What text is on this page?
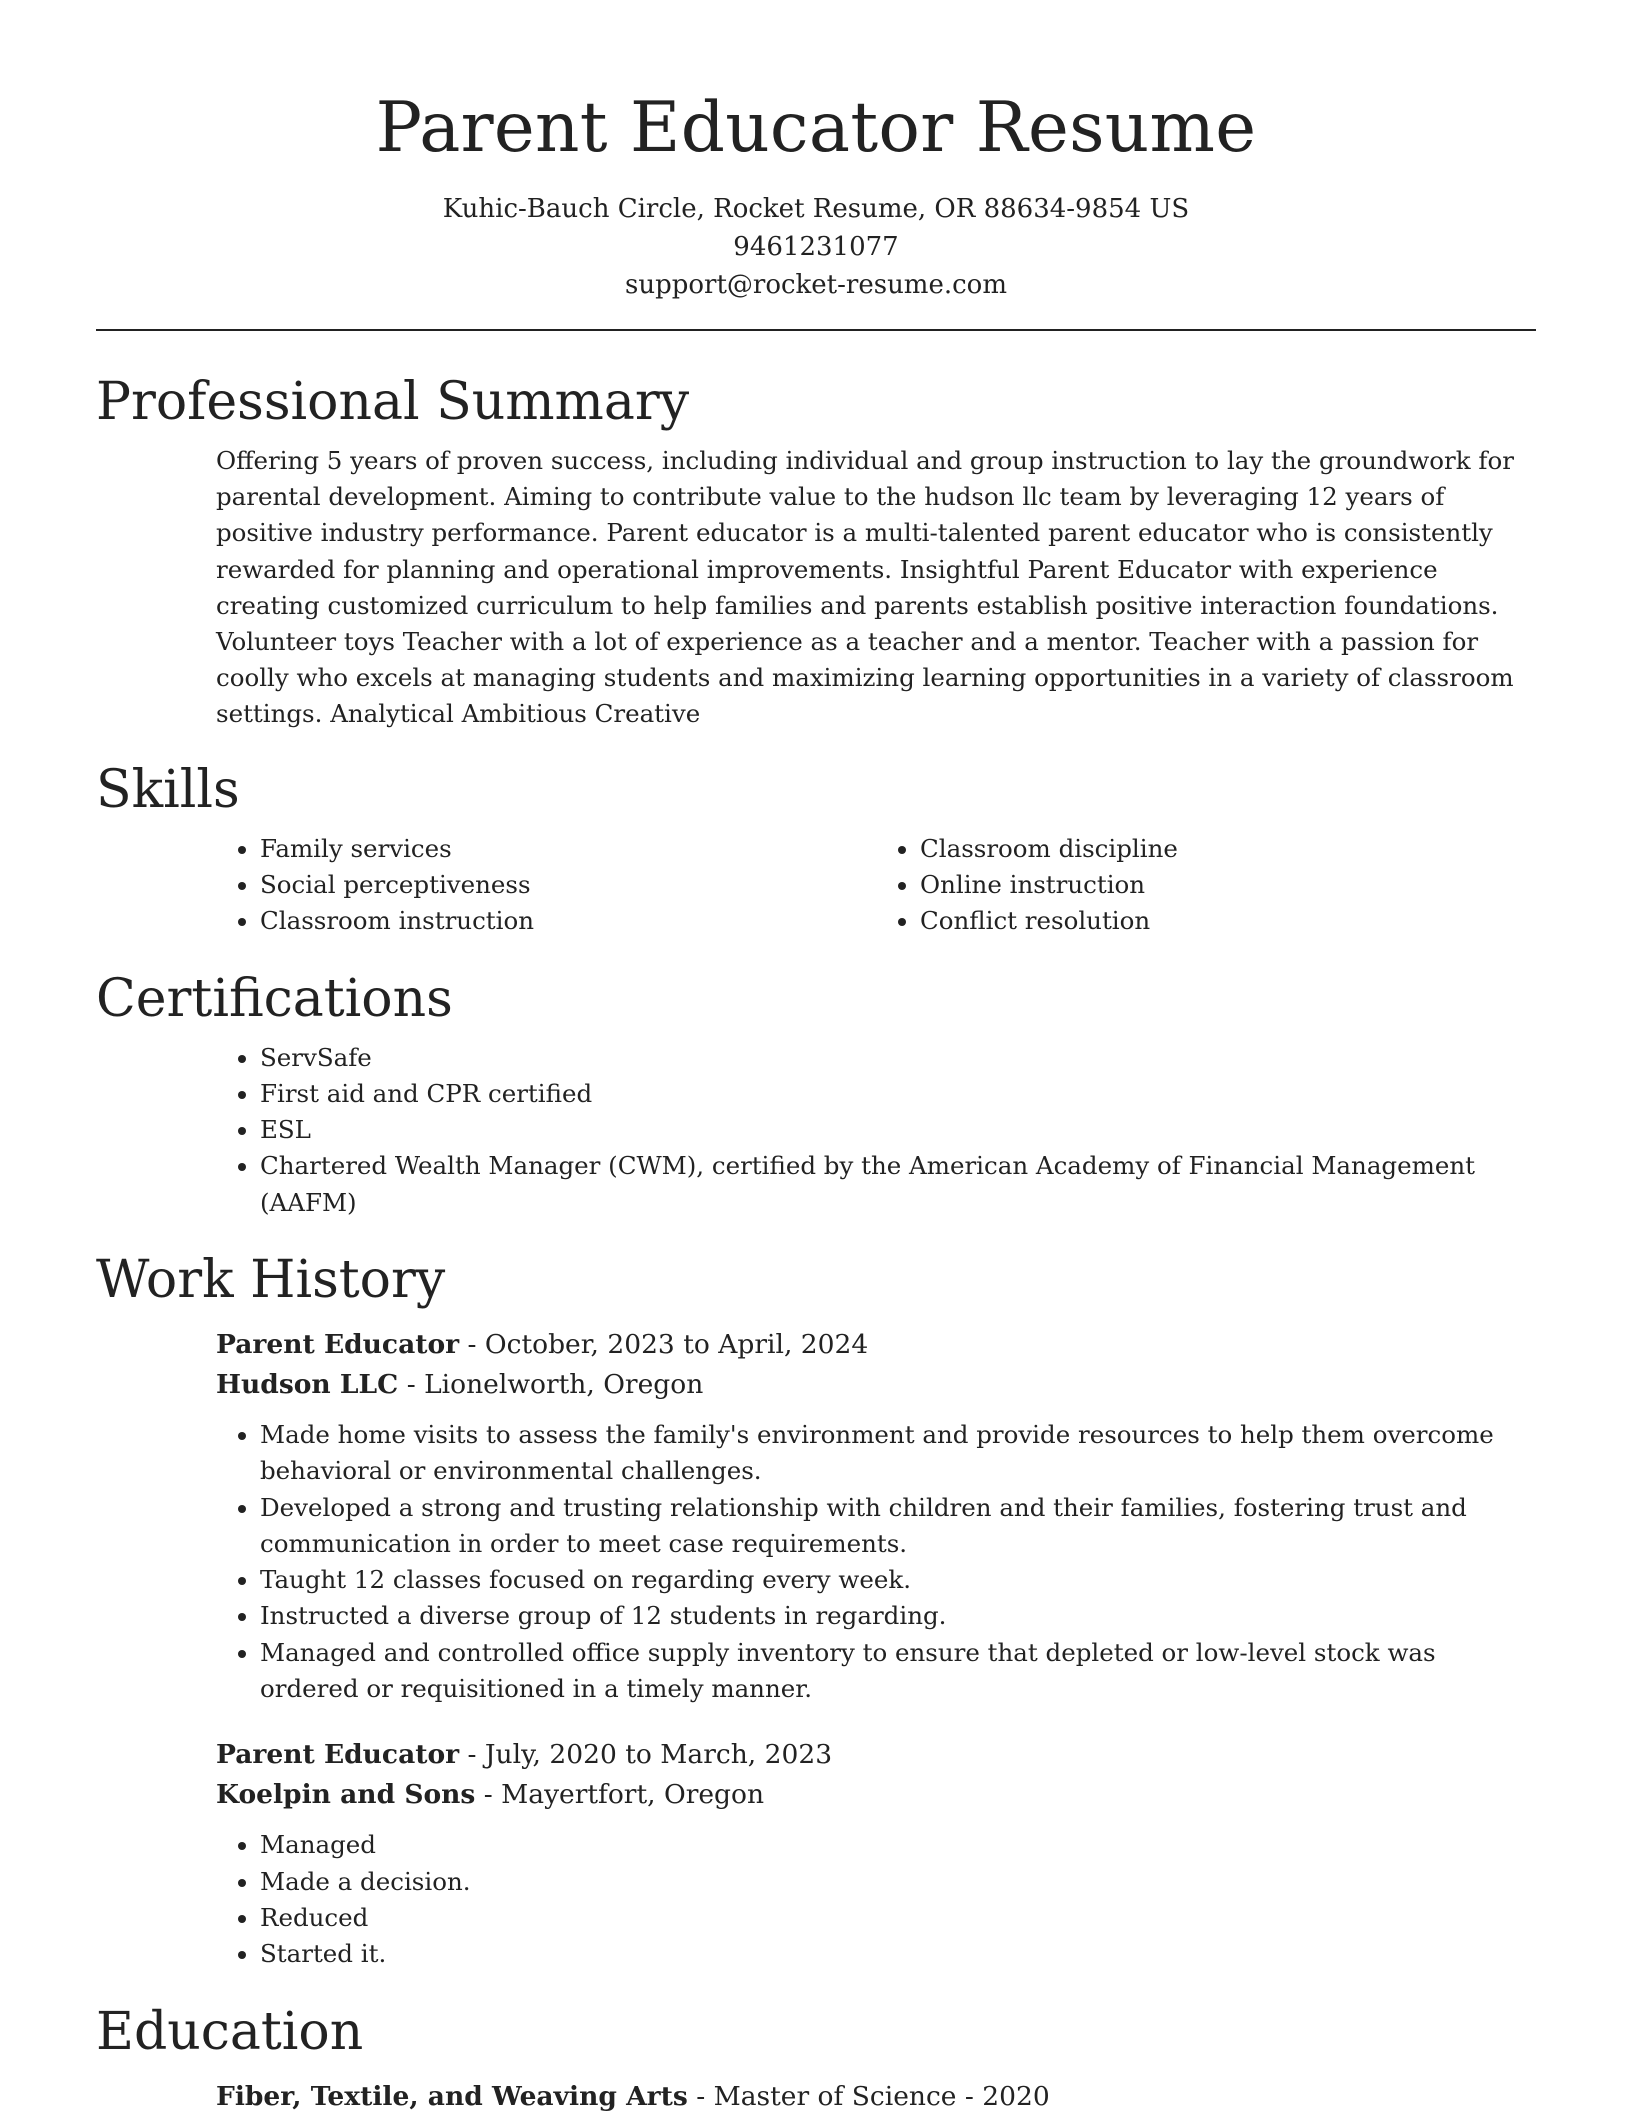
Parent Educator Resume
Kuhic-Bauch Circle, Rocket Resume, OR 88634-9854 US
9461231077
support@rocket-resume.com
Professional Summary

Offering 5 years of proven success, including individual and group instruction to lay the groundwork for parental development. Aiming to contribute value to the hudson llc team by leveraging 12 years of positive industry performance. Parent educator is a multi-talented parent educator who is consistently rewarded for planning and operational improvements. Insightful Parent Educator with experience creating customized curriculum to help families and parents establish positive interaction foundations. Volunteer toys Teacher with a lot of experience as a teacher and a mentor. Teacher with a passion for coolly who excels at managing students and maximizing learning opportunities in a variety of classroom settings. Analytical Ambitious Creative

Skills
• Family services
• Social perceptiveness
• Classroom instruction
• Classroom discipline
• Online instruction
• Conflict resolution
Certifications
• ServSafe
• First aid and CPR certified
• ESL
• Chartered Wealth Manager (CWM), certified by the American Academy of Financial Management (AAFM)
Work History
Parent Educator - October, 2023 to April, 2024
Hudson LLC - Lionelworth, Oregon
• Made home visits to assess the family's environment and provide resources to help them overcome behavioral or environmental challenges.
• Developed a strong and trusting relationship with children and their families, fostering trust and communication in order to meet case requirements.
• Taught 12 classes focused on regarding every week.
• Instructed a diverse group of 12 students in regarding.
• Managed and controlled office supply inventory to ensure that depleted or low-level stock was ordered or requisitioned in a timely manner.
Parent Educator - July, 2020 to March, 2023
Koelpin and Sons - Mayertfort, Oregon
• Managed
• Made a decision.
• Reduced
• Started it.
Education
Fiber, Textile, and Weaving Arts - Master of Science - 2020
